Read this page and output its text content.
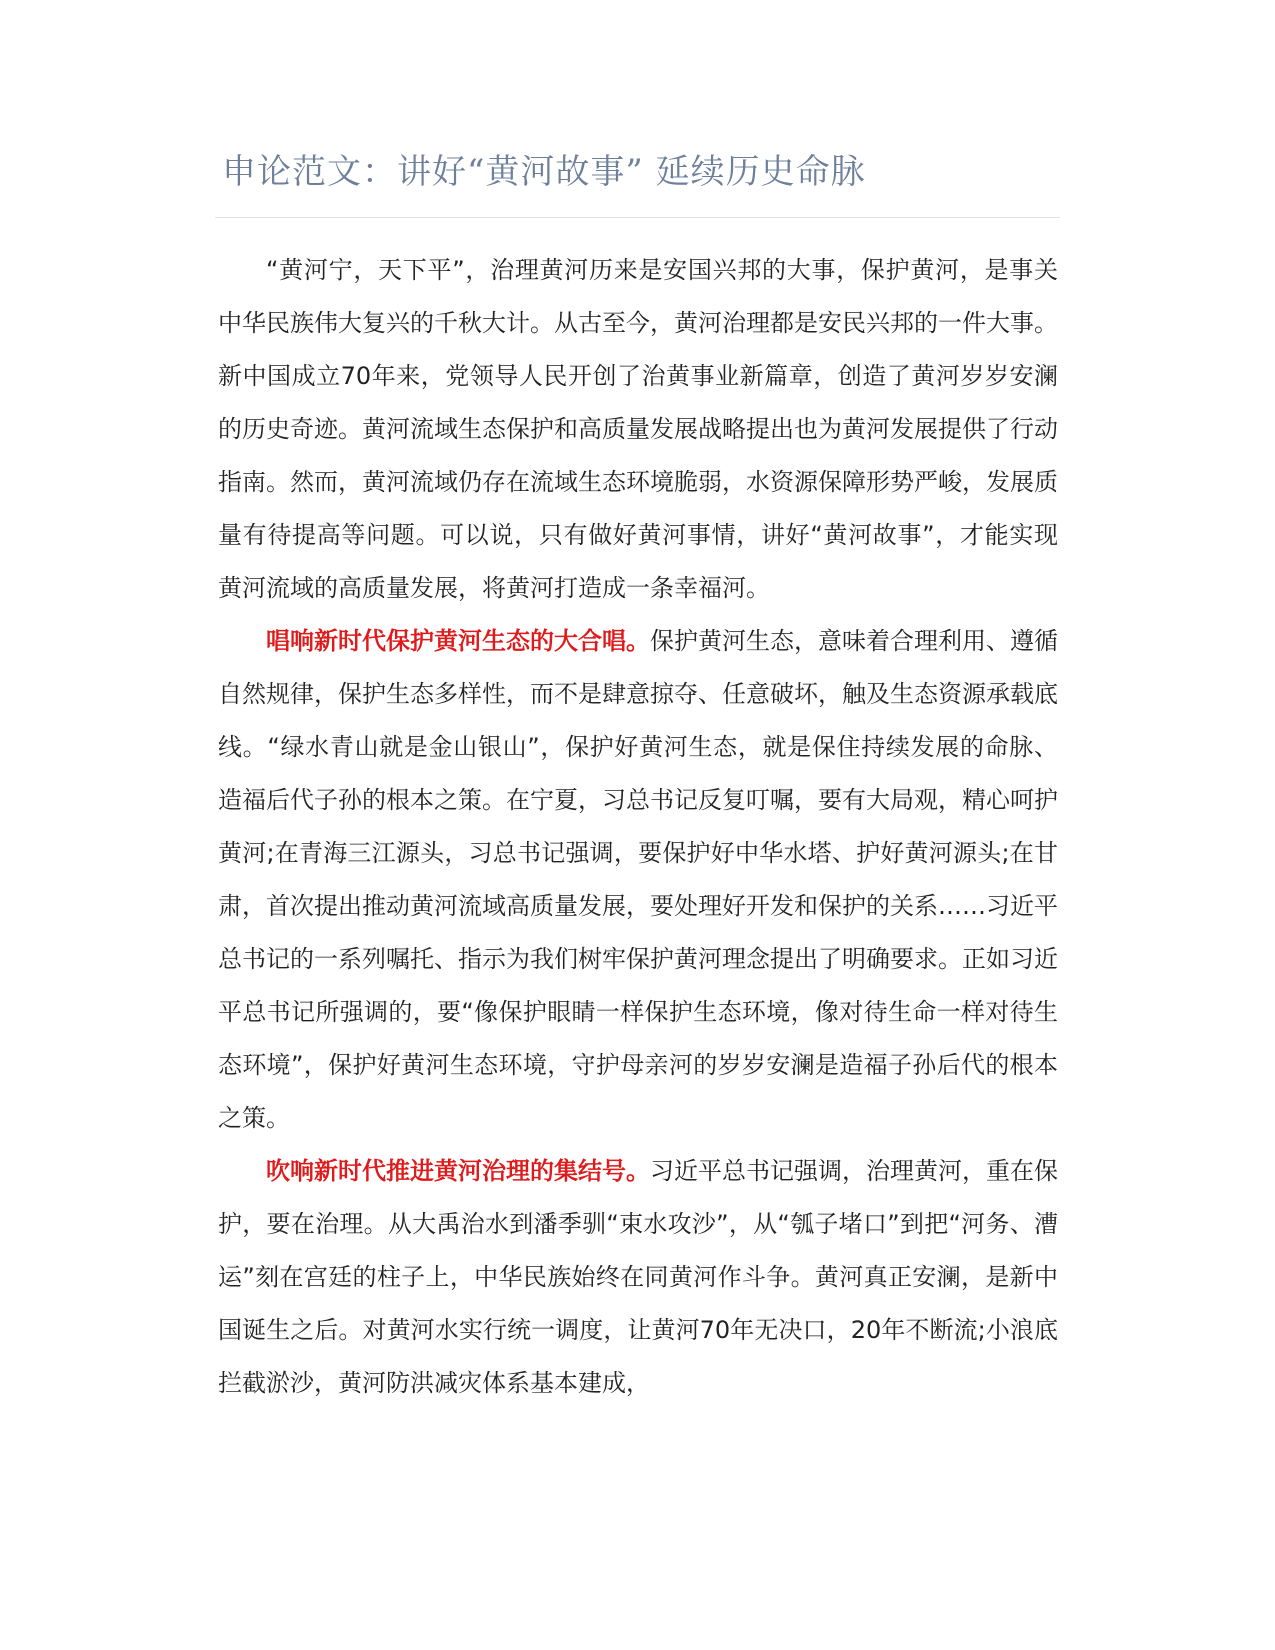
申论范文：讲好“黄河故事” 延续历史命脉

“黄河宁，天下平”，治理黄河历来是安国兴邦的大事，保护黄河，是事关中华民族伟大复兴的千秋大计。从古至今，黄河治理都是安民兴邦的一件大事。新中国成立70年来，党领导人民开创了治黄事业新篇章，创造了黄河岁岁安澜的历史奇迹。黄河流域生态保护和高质量发展战略提出也为黄河发展提供了行动指南。然而，黄河流域仍存在流域生态环境脆弱，水资源保障形势严峻，发展质量有待提高等问题。可以说，只有做好黄河事情，讲好“黄河故事”，才能实现黄河流域的高质量发展，将黄河打造成一条幸福河。

唱响新时代保护黄河生态的大合唱。保护黄河生态，意味着合理利用、遵循自然规律，保护生态多样性，而不是肆意掠夺、任意破坏，触及生态资源承载底线。“绿水青山就是金山银山”，保护好黄河生态，就是保住持续发展的命脉、造福后代子孙的根本之策。在宁夏，习总书记反复叮嘱，要有大局观，精心呵护黄河;在青海三江源头，习总书记强调，要保护好中华水塔、护好黄河源头;在甘肃，首次提出推动黄河流域高质量发展，要处理好开发和保护的关系……习近平总书记的一系列嘱托、指示为我们树牢保护黄河理念提出了明确要求。正如习近平总书记所强调的，要“像保护眼睛一样保护生态环境，像对待生命一样对待生态环境”，保护好黄河生态环境，守护母亲河的岁岁安澜是造福子孙后代的根本之策。

吹响新时代推进黄河治理的集结号。习近平总书记强调，治理黄河，重在保护，要在治理。从大禹治水到潘季驯“束水攻沙”，从“瓠子堵口”到把“河务、漕运”刻在宫廷的柱子上，中华民族始终在同黄河作斗争。黄河真正安澜，是新中国诞生之后。对黄河水实行统一调度，让黄河70年无决口，20年不断流;小浪底拦截淤沙，黄河防洪减灾体系基本建成，
